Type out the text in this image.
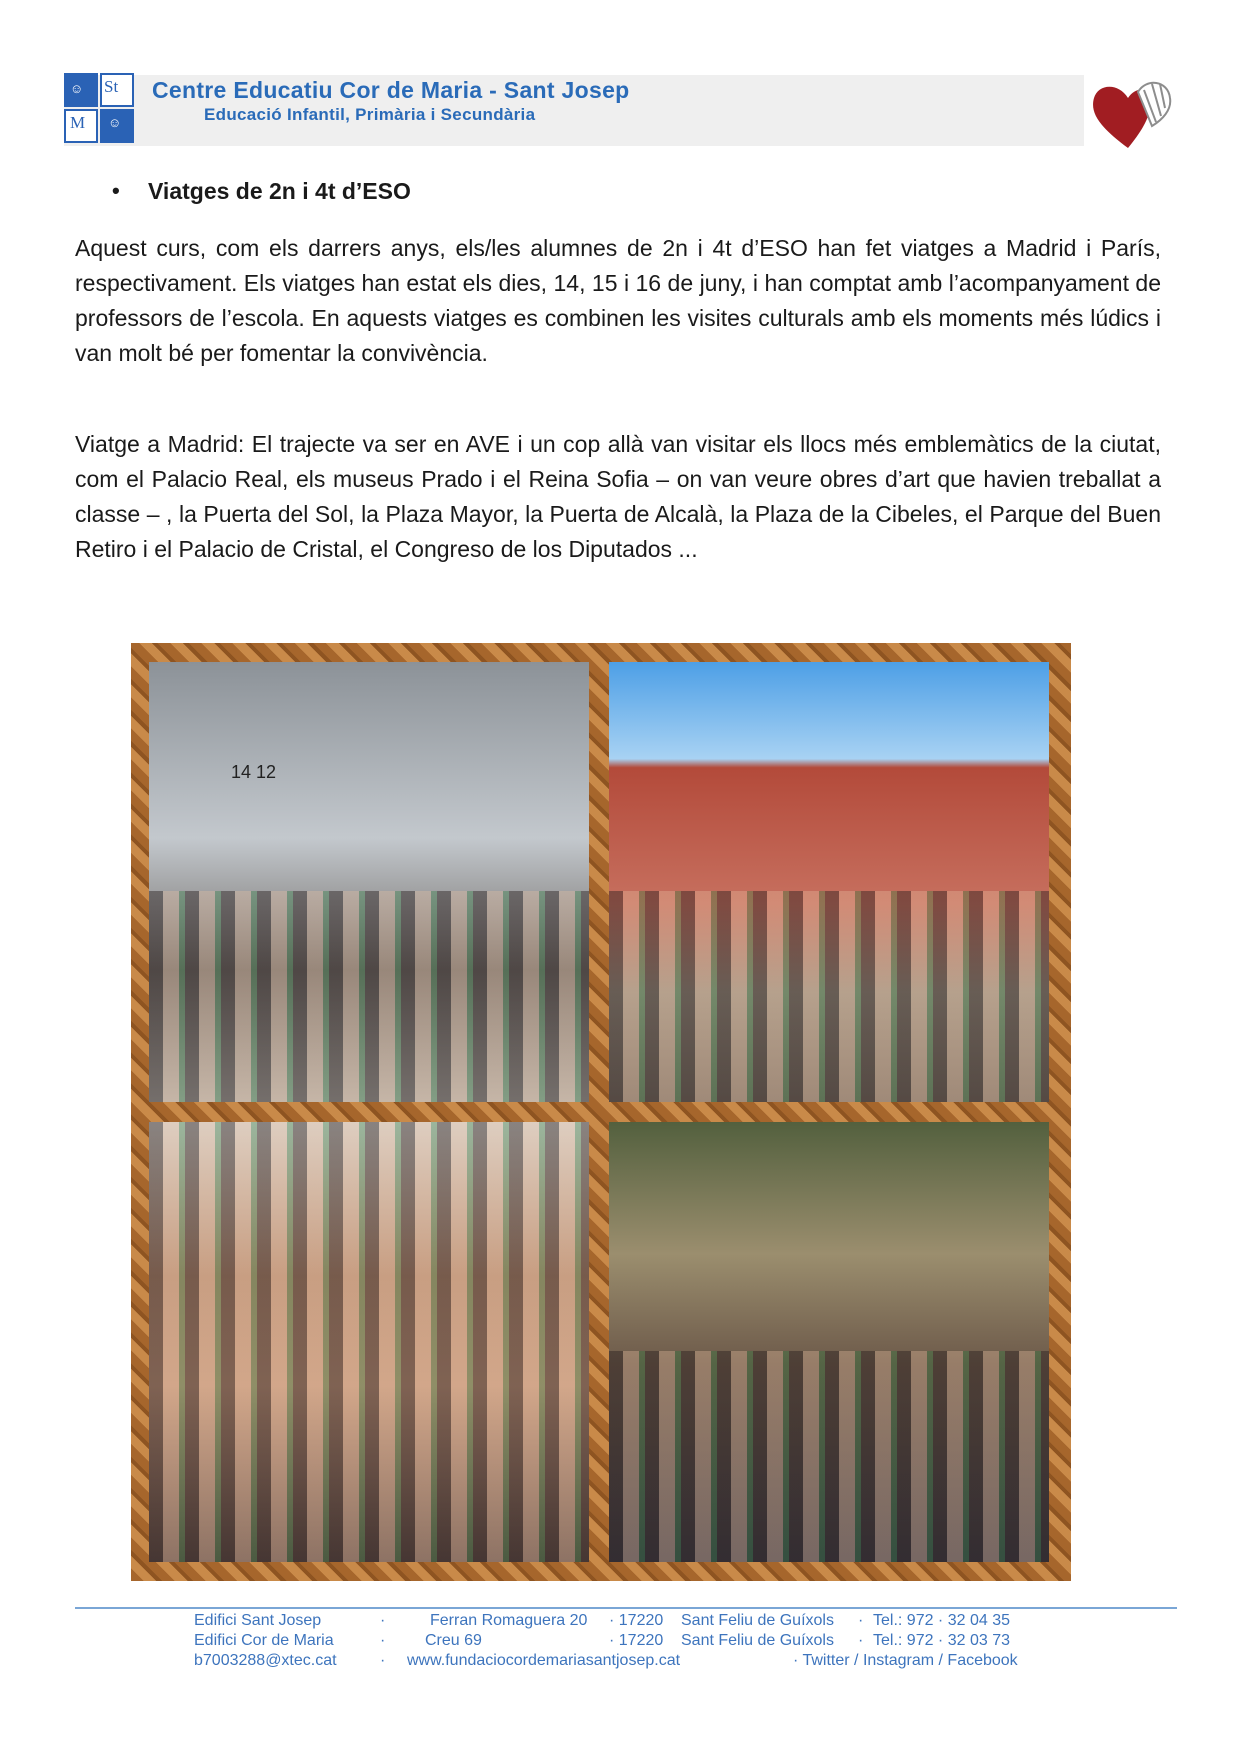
St
M
☺
☺
Centre Educatiu Cor de Maria - Sant Josep
Educació Infantil, Primària i Secundària

• Viatges de 2n i 4t d’ESO

Aquest curs, com els darrers anys, els/les alumnes de 2n i 4t d’ESO han fet viatges a Madrid i París, respectivament. Els viatges han estat els dies, 14, 15 i 16 de juny, i han comptat amb l’acompanyament de professors de l’escola. En aquests viatges es combinen les visites culturals amb els moments més lúdics i van molt bé per fomentar la convivència.

Viatge a Madrid: El trajecte va ser en AVE i un cop allà van visitar els llocs més emblemàtics de la ciutat, com el Palacio Real, els museus Prado i el Reina Sofia – on van veure obres d’art que havien treballat a classe – , la Puerta del Sol, la Plaza Mayor, la Puerta de Alcalà, la Plaza de la Cibeles, el Parque del Buen Retiro i el Palacio de Cristal, el Congreso de los Diputados ...

14 12

Edifici Sant Josep	·	Ferran Romaguera 20 · 17220 Sant Feliu de Guíxols · Tel.: 972 · 32 04 35

Edifici Cor de Maria	· Creu 69	· 17220 Sant Feliu de Guíxols · Tel.: 972 · 32 03 73

b7003288@xtec.cat	· www.fundaciocordemariasantjosep.cat	· Twitter / Instagram / Facebook
